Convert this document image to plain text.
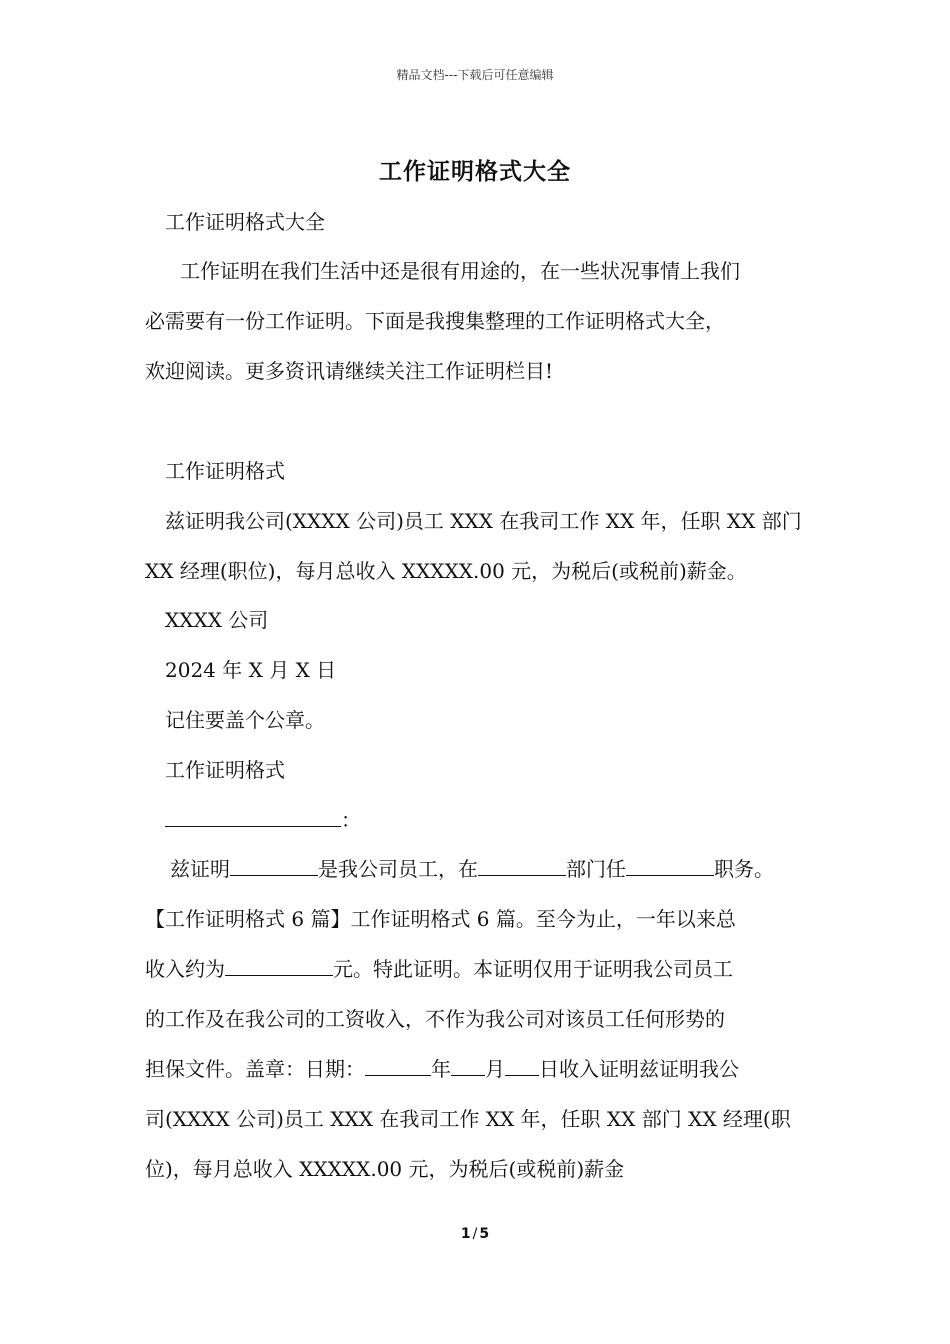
精品文档---下载后可任意编辑
工作证明格式大全
工作证明格式大全
工作证明在我们生活中还是很有用途的，在一些状况事情上我们
必需要有一份工作证明。下面是我搜集整理的工作证明格式大全，
欢迎阅读。更多资讯请继续关注工作证明栏目!
工作证明格式
兹证明我公司(XXXX 公司)员工 XXX 在我司工作 XX 年，任职 XX 部门
XX 经理(职位)，每月总收入 XXXXX.00 元，为税后(或税前)薪金。
XXXX 公司
2024 年 X 月 X 日
记住要盖个公章。
工作证明格式
：
兹证明	是我公司员工，在	部门任	职务。
【工作证明格式 6 篇】工作证明格式 6 篇。至今为止，一年以来总
收入约为	元。特此证明。本证明仅用于证明我公司员工
的工作及在我公司的工资收入，不作为我公司对该员工任何形势的
担保文件。盖章：日期：	年 月 日收入证明兹证明我公
司(XXXX 公司)员工 XXX 在我司工作 XX 年，任职 XX 部门 XX 经理(职
位)，每月总收入 XXXXX.00 元，为税后(或税前)薪金
1 / 5
